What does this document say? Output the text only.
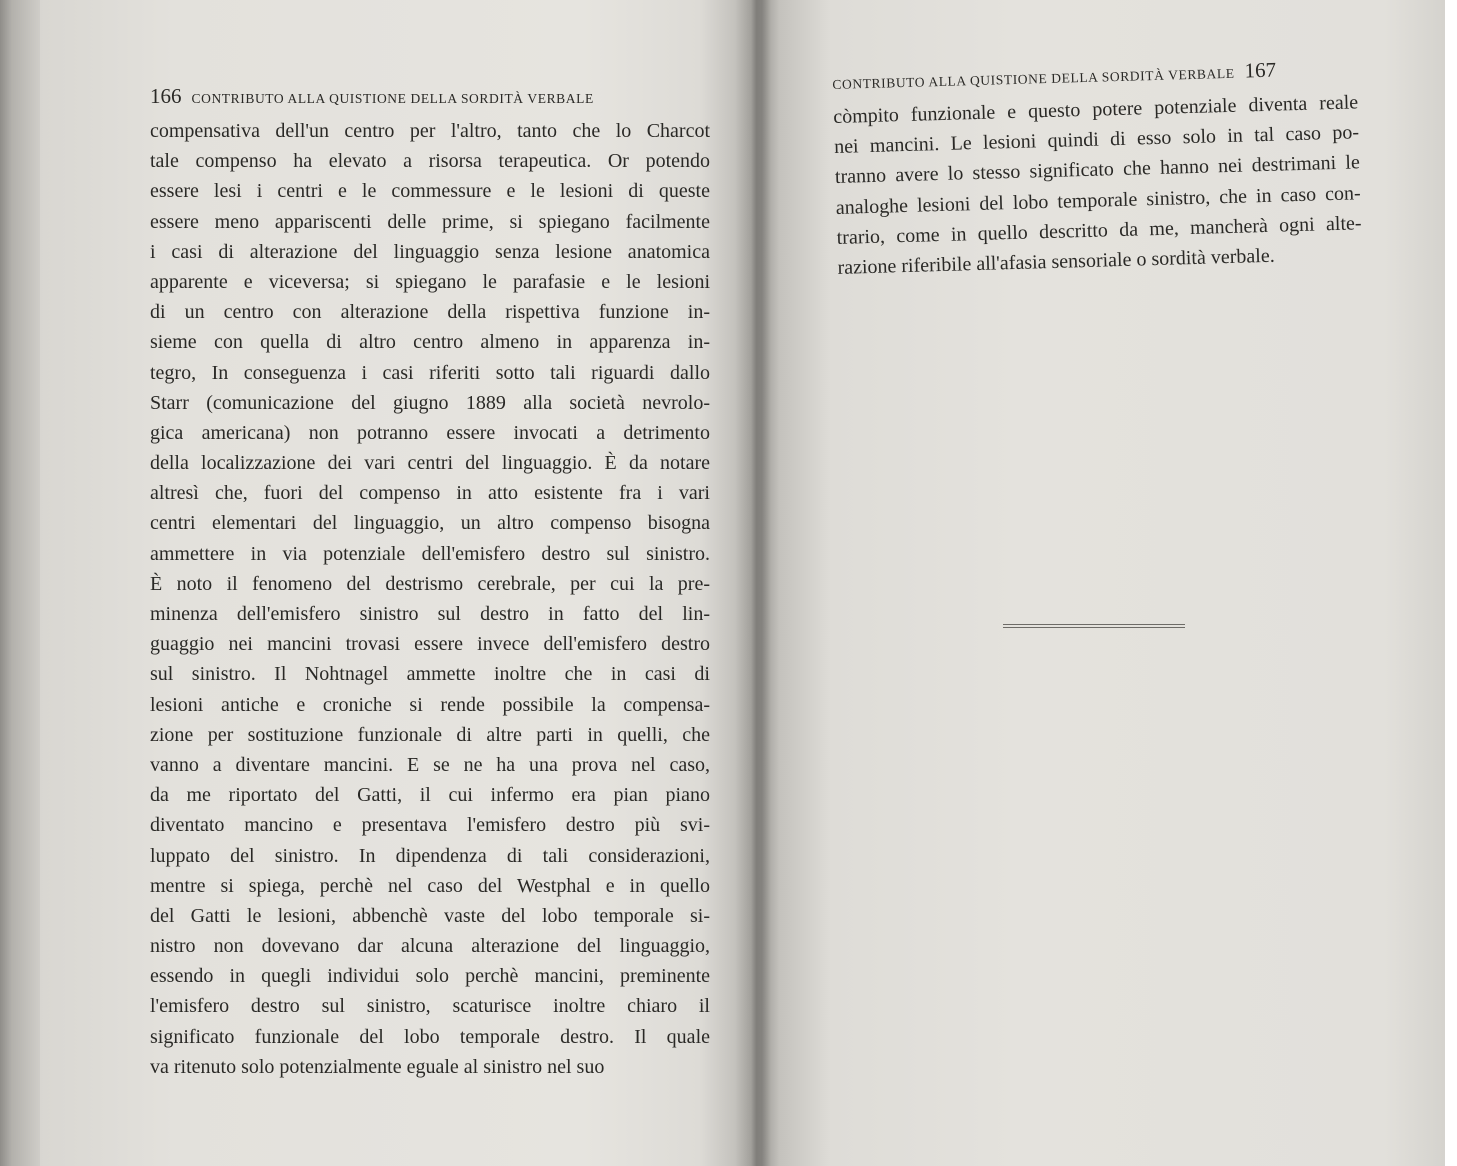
166 CONTRIBUTO ALLA QUISTIONE DELLA SORDITÀ VERBALE
compensativa dell'un centro per l'altro, tanto che lo Charcot
tale compenso ha elevato a risorsa terapeutica. Or potendo
essere lesi i centri e le commessure e le lesioni di queste
essere meno appariscenti delle prime, si spiegano facilmente
i casi di alterazione del linguaggio senza lesione anatomica
apparente e viceversa; si spiegano le parafasie e le lesioni
di un centro con alterazione della rispettiva funzione in-
sieme con quella di altro centro almeno in apparenza in-
tegro, In conseguenza i casi riferiti sotto tali riguardi dallo
Starr (comunicazione del giugno 1889 alla società nevrolo-
gica americana) non potranno essere invocati a detrimento
della localizzazione dei vari centri del linguaggio. È da notare
altresì che, fuori del compenso in atto esistente fra i vari
centri elementari del linguaggio, un altro compenso bisogna
ammettere in via potenziale dell'emisfero destro sul sinistro.
È noto il fenomeno del destrismo cerebrale, per cui la pre-
minenza dell'emisfero sinistro sul destro in fatto del lin-
guaggio nei mancini trovasi essere invece dell'emisfero destro
sul sinistro. Il Nohtnagel ammette inoltre che in casi di
lesioni antiche e croniche si rende possibile la compensa-
zione per sostituzione funzionale di altre parti in quelli, che
vanno a diventare mancini. E se ne ha una prova nel caso,
da me riportato del Gatti, il cui infermo era pian piano
diventato mancino e presentava l'emisfero destro più svi-
luppato del sinistro. In dipendenza di tali considerazioni,
mentre si spiega, perchè nel caso del Westphal e in quello
del Gatti le lesioni, abbenchè vaste del lobo temporale si-
nistro non dovevano dar alcuna alterazione del linguaggio,
essendo in quegli individui solo perchè mancini, preminente
l'emisfero destro sul sinistro, scaturisce inoltre chiaro il
significato funzionale del lobo temporale destro. Il quale
va ritenuto solo potenzialmente eguale al sinistro nel suo
CONTRIBUTO ALLA QUISTIONE DELLA SORDITÀ VERBALE 167
còmpito funzionale e questo potere potenziale diventa reale
nei mancini. Le lesioni quindi di esso solo in tal caso po-
tranno avere lo stesso significato che hanno nei destrimani le
analoghe lesioni del lobo temporale sinistro, che in caso con-
trario, come in quello descritto da me, mancherà ogni alte-
razione riferibile all'afasia sensoriale o sordità verbale.
